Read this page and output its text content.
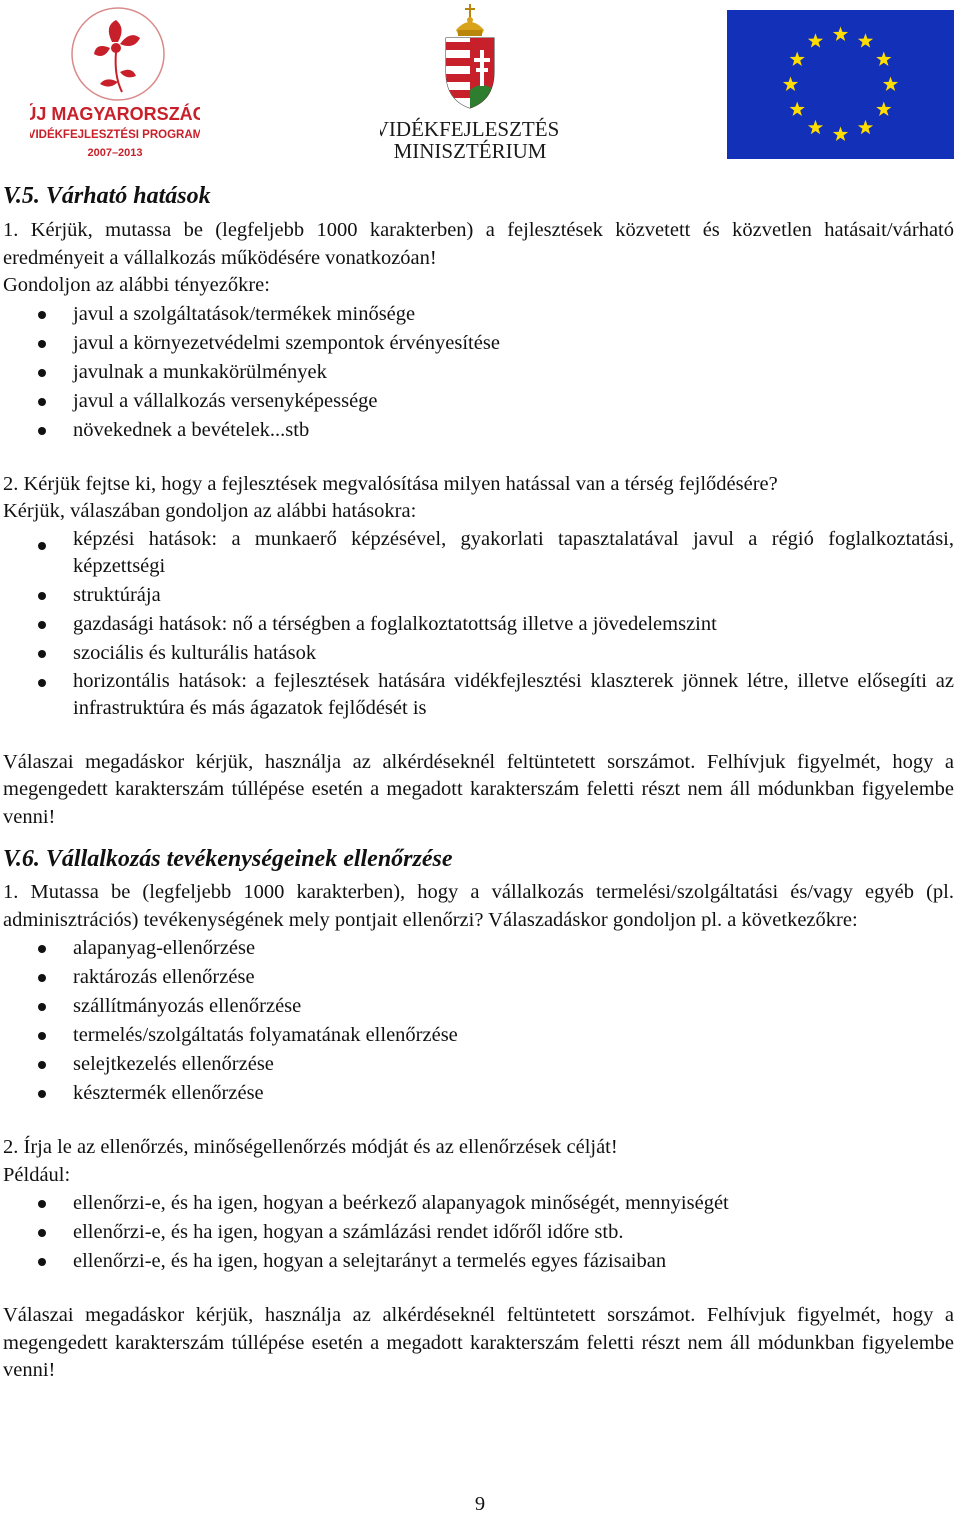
ÚJ MAGYARORSZÁG
VIDÉKFEJLESZTÉSI PROGRAM
2007–2013
VIDÉKFEJLESZTÉSI
MINISZTÉRIUM
V.5. Várható hatások

1. Kérjük, mutassa be (legfeljebb 1000 karakterben) a fejlesztések közvetett és közvetlen hatásait/várható eredményeit a vállalkozás működésére vonatkozóan!

Gondoljon az alábbi tényezőkre:

javul a szolgáltatások/termékek minősége
javul a környezetvédelmi szempontok érvényesítése
javulnak a munkakörülmények
javul a vállalkozás versenyképessége
növekednek a bevételek...stb

2. Kérjük fejtse ki, hogy a fejlesztések megvalósítása milyen hatással van a térség fejlődésére?

Kérjük, válaszában gondoljon az alábbi hatásokra:

képzési hatások: a munkaerő képzésével, gyakorlati tapasztalatával javul a régió foglalkoztatási, képzettségi
struktúrája
gazdasági hatások: nő a térségben a foglalkoztatottság illetve a jövedelemszint
szociális és kulturális hatások
horizontális hatások: a fejlesztések hatására vidékfejlesztési klaszterek jönnek létre, illetve elősegíti az infrastruktúra és más ágazatok fejlődését is

Válaszai megadáskor kérjük, használja az alkérdéseknél feltüntetett sorszámot. Felhívjuk figyelmét, hogy a megengedett karakterszám túllépése esetén a megadott karakterszám feletti részt nem áll módunkban figyelembe venni!

V.6. Vállalkozás tevékenységeinek ellenőrzése

1. Mutassa be (legfeljebb 1000 karakterben), hogy a vállalkozás termelési/szolgáltatási és/vagy egyéb (pl. adminisztrációs) tevékenységének mely pontjait ellenőrzi? Válaszadáskor gondoljon pl. a következőkre:

alapanyag-ellenőrzése
raktározás ellenőrzése
szállítmányozás ellenőrzése
termelés/szolgáltatás folyamatának ellenőrzése
selejtkezelés ellenőrzése
késztermék ellenőrzése

2. Írja le az ellenőrzés, minőségellenőrzés módját és az ellenőrzések célját!

Például:

ellenőrzi-e, és ha igen, hogyan a beérkező alapanyagok minőségét, mennyiségét
ellenőrzi-e, és ha igen, hogyan a számlázási rendet időről időre stb.
ellenőrzi-e, és ha igen, hogyan a selejtarányt a termelés egyes fázisaiban

Válaszai megadáskor kérjük, használja az alkérdéseknél feltüntetett sorszámot. Felhívjuk figyelmét, hogy a megengedett karakterszám túllépése esetén a megadott karakterszám feletti részt nem áll módunkban figyelembe venni!

9
